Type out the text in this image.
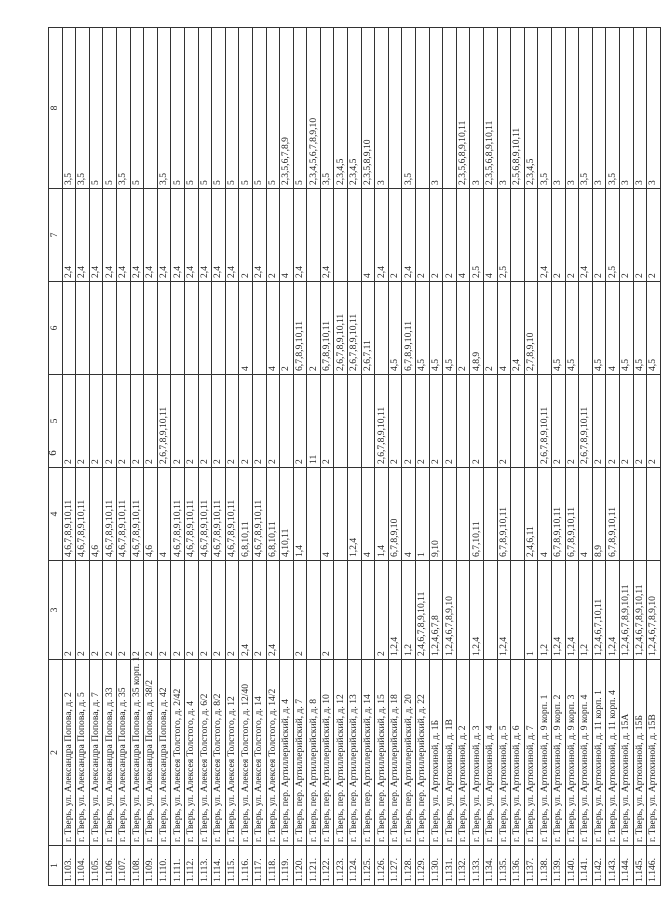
6
1	2	3	4	5	6	7	8
1.103.	г. Тверь, ул. Александра Попова, д. 2	2	4,6,7,8,9,10,11	2		2,4	3,5
1.104.	г. Тверь, ул. Александра Попова, д. 5	2	4,6,7,8,9,10,11	2		2,4	3,5
1.105.	г. Тверь, ул. Александра Попова, д. 7	2	4,6	2		2,4	5
1.106.	г. Тверь, ул. Александра Попова, д. 33	2	4,6,7,8,9,10,11	2		2,4	5
1.107.	г. Тверь, ул. Александра Попова, д. 35	2	4,6,7,8,9,10,11	2		2,4	3,5
1.108.	г. Тверь, ул. Александра Попова, д. 35 корп. 1	2	4,6,7,8,9,10,11	2		2,4	5
1.109.	г. Тверь, ул. Александра Попова, д. 38/2	2	4,6	2		2,4	
1.110.	г. Тверь, ул. Александра Попова, д. 42	2	4	2,6,7,8,9,10,11		2,4	3,5
1.111.	г. Тверь, ул. Алексея Толстого, д. 2/42	2	4,6,7,8,9,10,11	2		2,4	5
1.112.	г. Тверь, ул. Алексея Толстого, д. 4	2	4,6,7,8,9,10,11	2		2,4	5
1.113.	г. Тверь, ул. Алексея Толстого, д. 6/2	2	4,6,7,8,9,10,11	2		2,4	5
1.114.	г. Тверь, ул. Алексея Толстого, д. 8/2	2	4,6,7,8,9,10,11	2		2,4	5
1.115.	г. Тверь, ул. Алексея Толстого, д. 12	2	4,6,7,8,9,10,11	2		2,4	5
1.116.	г. Тверь, ул. Алексея Толстого, д. 12/40	2,4	6,8,10,11	2	4	2	5
1.117.	г. Тверь, ул. Алексея Толстого, д. 14	2	4,6,7,8,9,10,11	2		2,4	5
1.118.	г. Тверь, ул. Алексея Толстого, д. 14/2	2,4	6,8,10,11	2	4	2	5
1.119.	г. Тверь, пер. Артиллерийский, д. 4		4,10,11		2	4	2,3,5,6,7,8,9
1.120.	г. Тверь, пер. Артиллерийский, д. 7	2	1,4	2	6,7,8,9,10,11	2,4	5
1.121.	г. Тверь, пер. Артиллерийский, д. 8			11	2		2,3,4,5,6,7,8,9,10
1.122.	г. Тверь, пер. Артиллерийский, д. 10	2	4	2	6,7,8,9,10,11	2,4	3,5
1.123.	г. Тверь, пер. Артиллерийский, д. 12				2,6,7,8,9,10,11		2,3,4,5
1.124.	г. Тверь, пер. Артиллерийский, д. 13		1,2,4		2,6,7,8,9,10,11		2,3,4,5
1.125.	г. Тверь, пер. Артиллерийский, д. 14		4		2,6,7,11	4	2,3,5,8,9,10
1.126.	г. Тверь, пер. Артиллерийский, д. 15	2	1,4	2,6,7,8,9,10,11		2,4	3
1.127.	г. Тверь, пер. Артиллерийский, д. 18	1,2,4	6,7,8,9,10	2	4,5	2	
1.128.	г. Тверь, пер. Артиллерийский, д. 20	1,2	4	2	6,7,8,9,10,11	2,4	3,5
1.129.	г. Тверь, пер. Артиллерийский, д. 22	2,4,6,7,8,9,10,11	1	2	4,5	2	
1.130.	г. Тверь, ул. Артюхиной, д. 1Б	1,2,4,6,7,8	9,10	2	4,5	2	3
1.131.	г. Тверь, ул. Артюхиной, д. 1В	1,2,4,6,7,8,9,10		2	4,5	2	
1.132.	г. Тверь, ул. Артюхиной, д. 2				2	4	2,3,5,6,8,9,10,11
1.133.	г. Тверь, ул. Артюхиной, д. 3	1,2,4	6,7,10,11	2	4,8,9	2,5	3
1.134.	г. Тверь, ул. Артюхиной, д. 4				2	4	2,3,5,6,8,9,10,11
1.135.	г. Тверь, ул. Артюхиной, д. 5	1,2,4	6,7,8,9,10,11	2	4	2,5	3
1.136.	г. Тверь, ул. Артюхиной, д. 6				2,4		2,5,6,8,9,10,11
1.137.	г. Тверь, ул. Артюхиной, д. 7	1	2,4,6,11		2,7,8,9,10		2,3,4,5
1.138.	г. Тверь, ул. Артюхиной, д. 9 корп. 1	1,2	4	2,6,7,8,9,10,11		2,4	3,5
1.139.	г. Тверь, ул. Артюхиной, д. 9 корп. 2	1,2,4	6,7,8,9,10,11	2	4,5	2	3
1.140.	г. Тверь, ул. Артюхиной, д. 9 корп. 3	1,2,4	6,7,8,9,10,11	2	4,5	2	3
1.141.	г. Тверь, ул. Артюхиной, д. 9 корп. 4	1,2	4	2,6,7,8,9,10,11		2,4	3,5
1.142.	г. Тверь, ул. Артюхиной, д. 11 корп. 1	1,2,4,6,7,10,11	8,9	2	4,5	2	3
1.143.	г. Тверь, ул. Артюхиной, д. 11 корп. 4	1,2,4	6,7,8,9,10,11	2	4	2,5	3,5
1.144.	г. Тверь, ул. Артюхиной, д. 15А	1,2,4,6,7,8,9,10,11		2	4,5	2	3
1.145.	г. Тверь, ул. Артюхиной, д. 15Б	1,2,4,6,7,8,9,10,11		2	4,5	2	3
1.146.	г. Тверь, ул. Артюхиной, д. 15В	1,2,4,6,7,8,9,10		2	4,5	2	3
